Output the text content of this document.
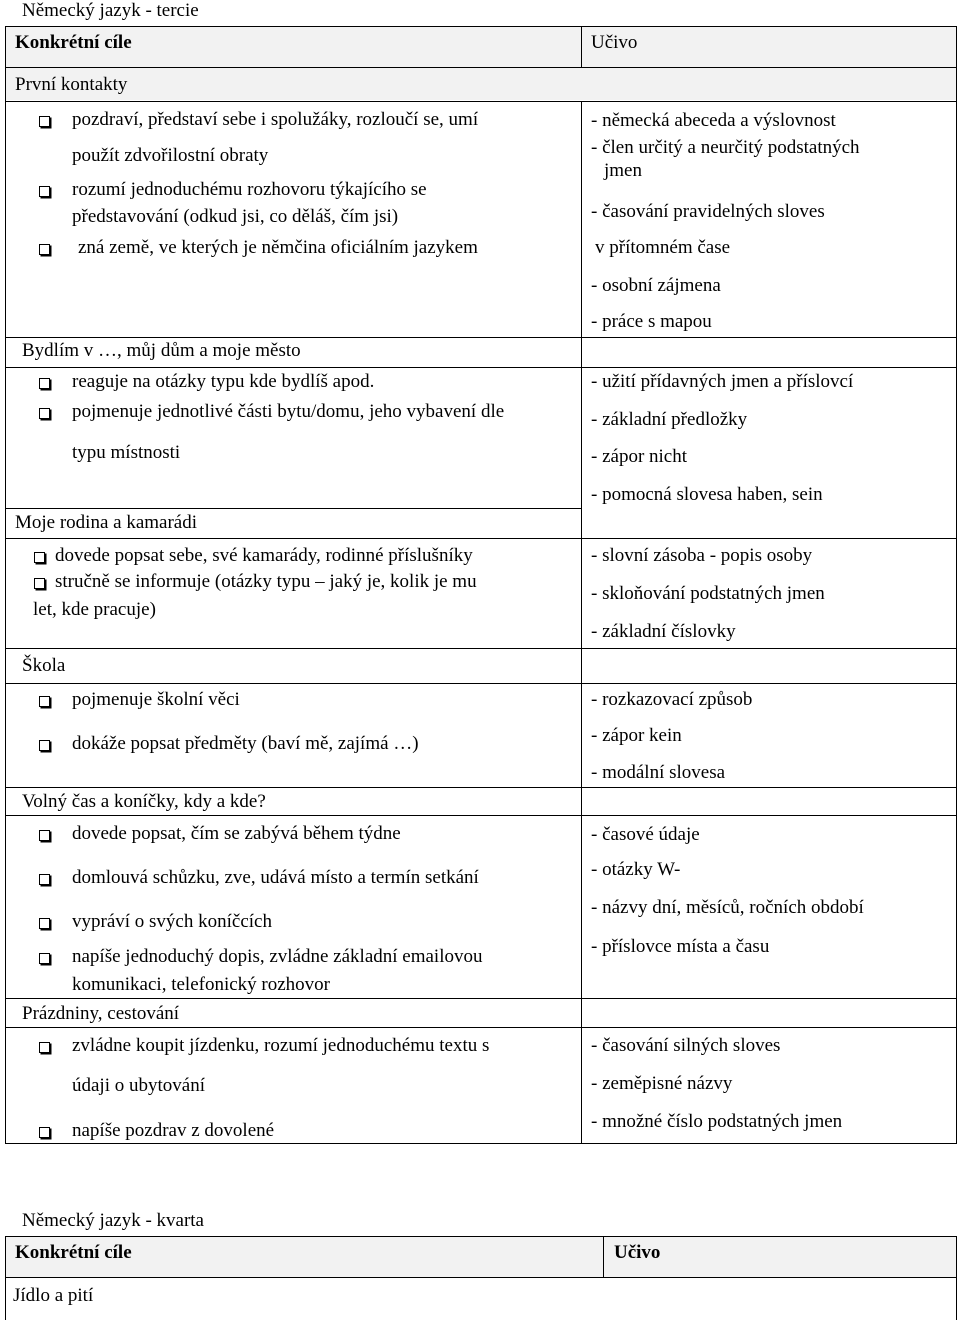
Německý jazyk - tercie
Konkrétní cíle	Učivo
První kontakty
pozdraví, představí sebe i spolužáky, rozloučí se, umí
použít zdvořilostní obraty
rozumí jednoduchému rozhovoru týkajícího se
představování (odkud jsi, co děláš, čím jsi)
zná země, ve kterých je němčina oficiálním jazykem
- německá abeceda a výslovnost
- člen určitý a neurčitý podstatných
jmen
- časování pravidelných sloves
v přítomném čase
- osobní zájmena
- práce s mapou
Bydlím v …, můj dům a moje město
reaguje na otázky typu kde bydlíš apod.
pojmenuje jednotlivé části bytu/domu, jeho vybavení dle
typu místnosti
- užití přídavných jmen a příslovcí
- základní předložky
- zápor nicht
- pomocná slovesa haben, sein
Moje rodina a kamarádi
dovede popsat sebe, své kamarády, rodinné příslušníky
stručně se informuje (otázky typu – jaký je, kolik je mu
let, kde pracuje)
- slovní zásoba - popis osoby
- skloňování podstatných jmen
- základní číslovky
Škola
pojmenuje školní věci
dokáže popsat předměty (baví mě, zajímá …)
- rozkazovací způsob
- zápor kein
- modální slovesa
Volný čas a koníčky, kdy a kde?
dovede popsat, čím se zabývá během týdne
domlouvá schůzku, zve, udává místo a termín setkání
vypráví o svých koníčcích
napíše jednoduchý dopis, zvládne základní emailovou
komunikaci, telefonický rozhovor
- časové údaje
- otázky W-
- názvy dní, měsíců, ročních období
- příslovce místa a času
Prázdniny, cestování
zvládne koupit jízdenku, rozumí jednoduchému textu s
údaji o ubytování
napíše pozdrav z dovolené
- časování silných sloves
- zeměpisné názvy
- množné číslo podstatných jmen
Německý jazyk - kvarta
Konkrétní cíle	Učivo
Jídlo a pití
